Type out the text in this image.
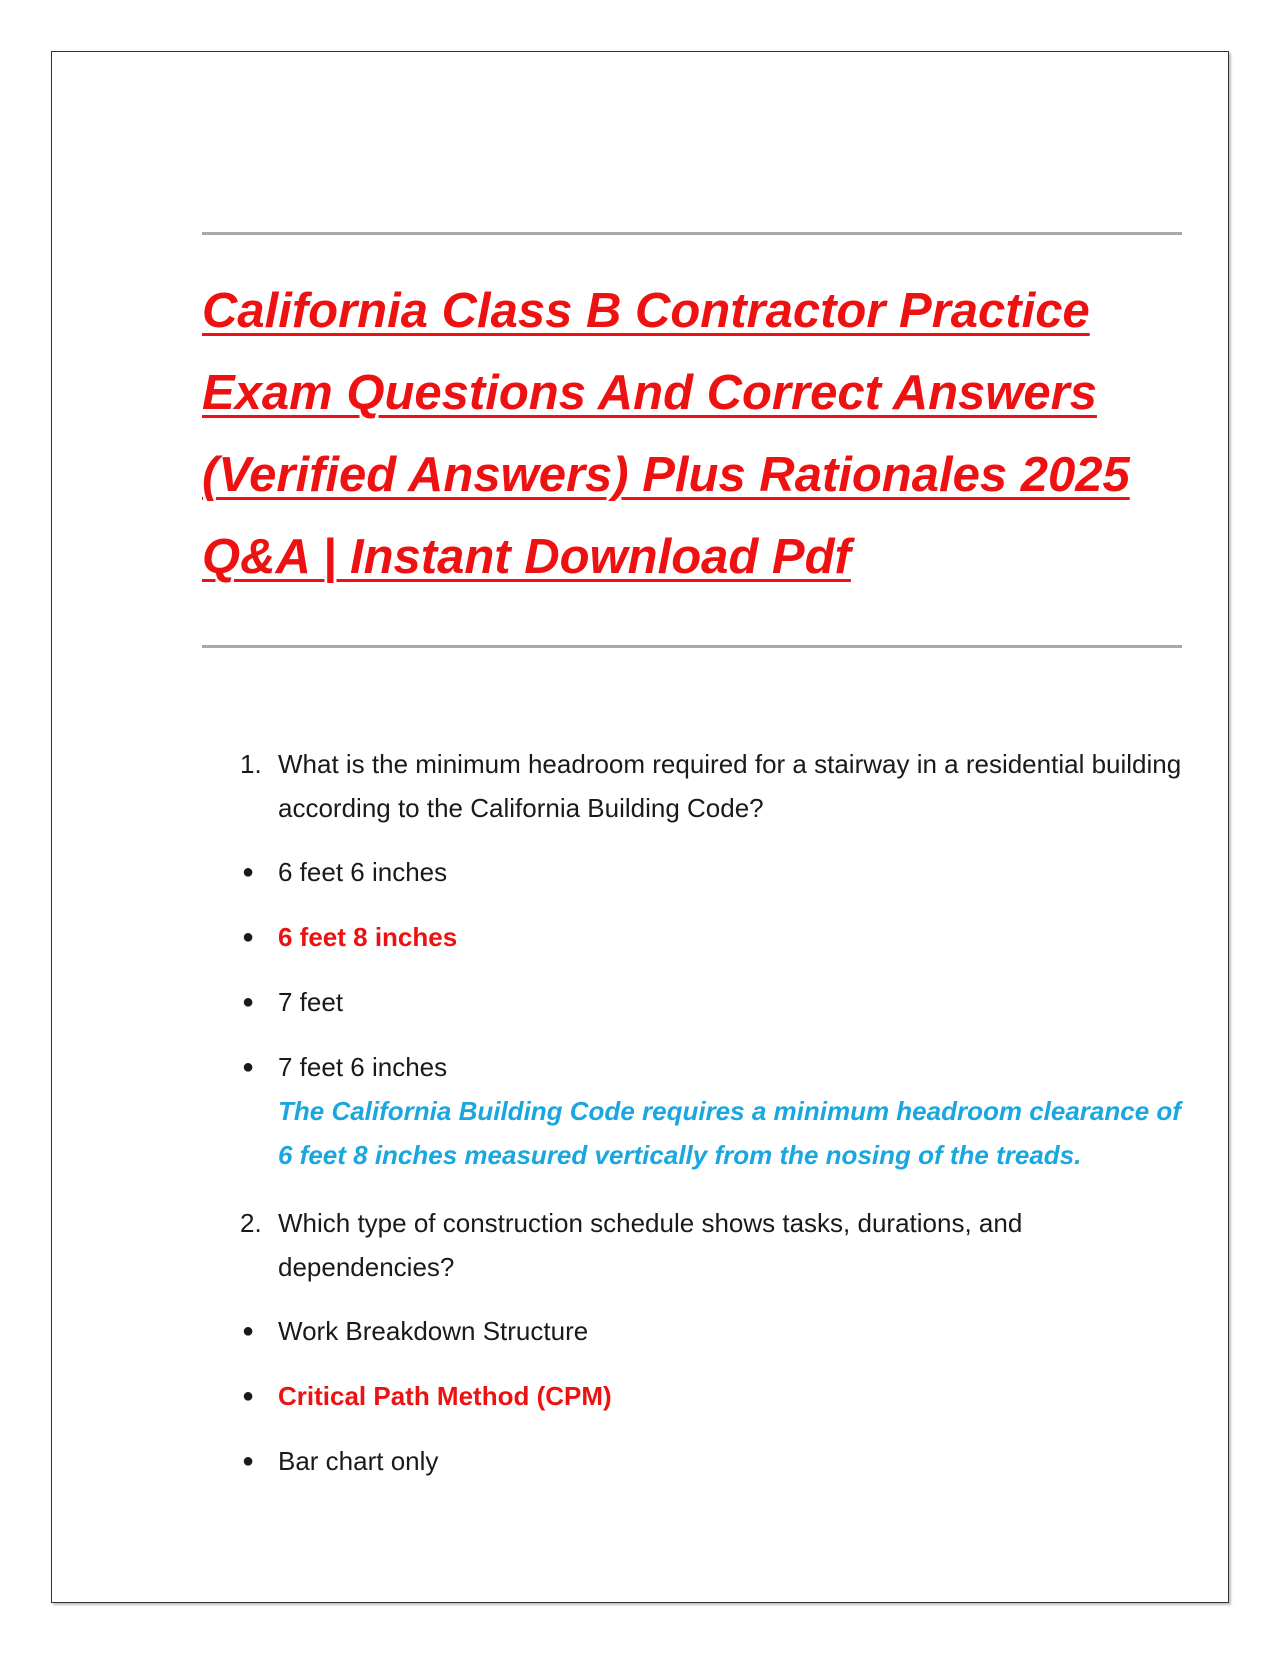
California Class B Contractor Practice Exam Questions And Correct Answers (Verified Answers) Plus Rationales 2025 Q&A | Instant Download Pdf
1. What is the minimum headroom required for a stairway in a residential building according to the California Building Code?
● 6 feet 6 inches
● 6 feet 8 inches
● 7 feet
● 7 feet 6 inches
The California Building Code requires a minimum headroom clearance of 6 feet 8 inches measured vertically from the nosing of the treads.
2. Which type of construction schedule shows tasks, durations, and dependencies?
● Work Breakdown Structure
● Critical Path Method (CPM)
● Bar chart only
